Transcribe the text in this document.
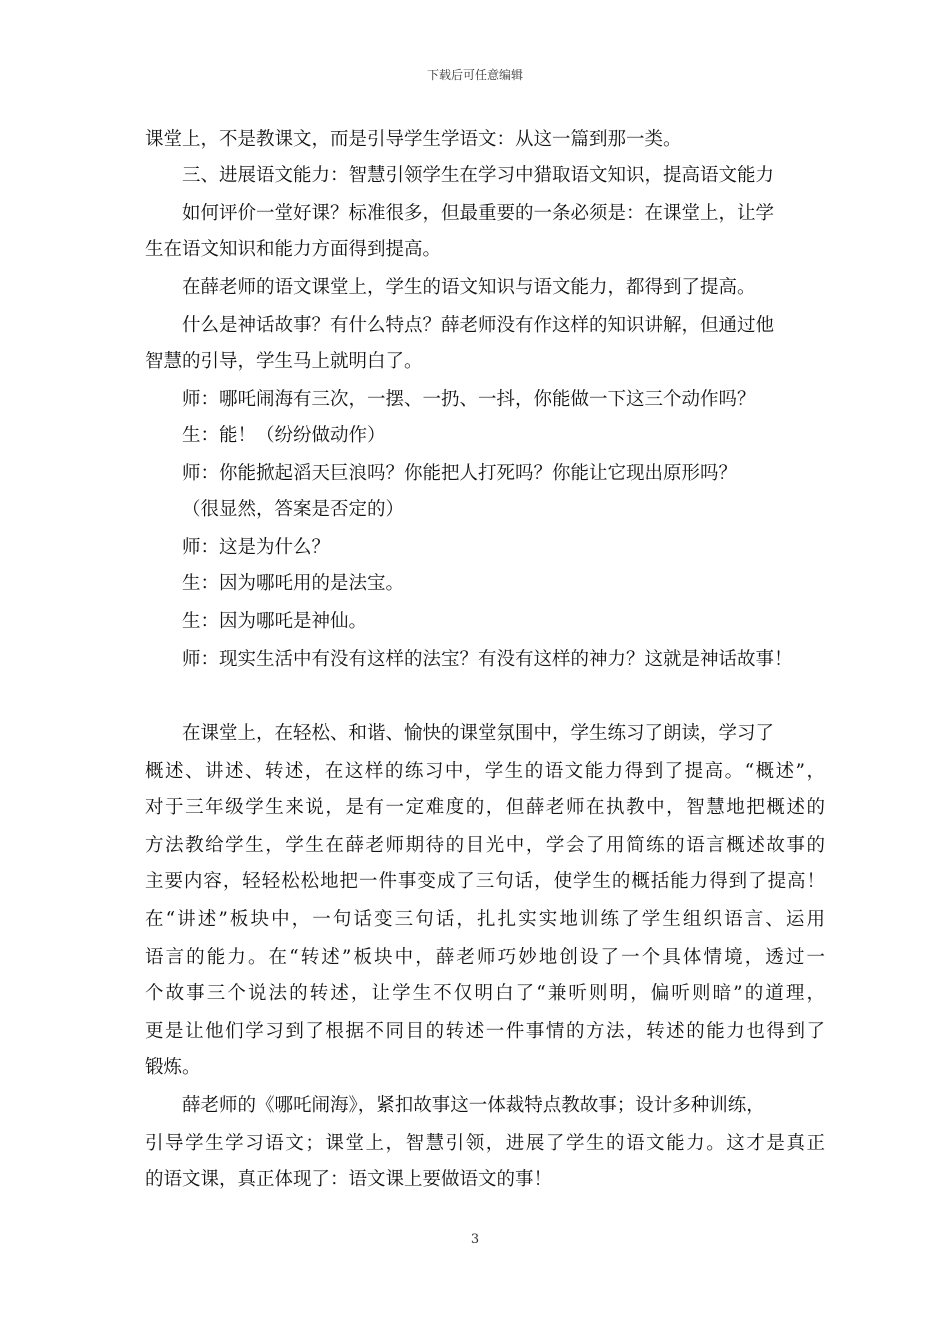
下载后可任意编辑
课堂上，不是教课文，而是引导学生学语文：从这一篇到那一类。
三、进展语文能力：智慧引领学生在学习中猎取语文知识，提高语文能力
如何评价一堂好课？标准很多，但最重要的一条必须是：在课堂上，让学
生在语文知识和能力方面得到提高。
在薛老师的语文课堂上，学生的语文知识与语文能力，都得到了提高。
什么是神话故事？有什么特点？薛老师没有作这样的知识讲解，但通过他
智慧的引导，学生马上就明白了。
师：哪吒闹海有三次，一摆、一扔、一抖，你能做一下这三个动作吗？
生：能！（纷纷做动作）
师：你能掀起滔天巨浪吗？你能把人打死吗？你能让它现出原形吗？
（很显然，答案是否定的）
师：这是为什么？
生：因为哪吒用的是法宝。
生：因为哪吒是神仙。
师：现实生活中有没有这样的法宝？有没有这样的神力？这就是神话故事！
在课堂上，在轻松、和谐、愉快的课堂氛围中，学生练习了朗读，学习了
概述、讲述、转述，在这样的练习中，学生的语文能力得到了提高。“概述”，
对于三年级学生来说，是有一定难度的，但薛老师在执教中，智慧地把概述的
方法教给学生，学生在薛老师期待的目光中，学会了用简练的语言概述故事的
主要内容，轻轻松松地把一件事变成了三句话，使学生的概括能力得到了提高！
在“讲述”板块中，一句话变三句话，扎扎实实地训练了学生组织语言、运用
语言的能力。在“转述”板块中，薛老师巧妙地创设了一个具体情境，透过一
个故事三个说法的转述，让学生不仅明白了“兼听则明，偏听则暗”的道理，
更是让他们学习到了根据不同目的转述一件事情的方法，转述的能力也得到了
锻炼。
薛老师的《哪吒闹海》，紧扣故事这一体裁特点教故事；设计多种训练，
引导学生学习语文；课堂上，智慧引领，进展了学生的语文能力。这才是真正
的语文课，真正体现了：语文课上要做语文的事！
3
